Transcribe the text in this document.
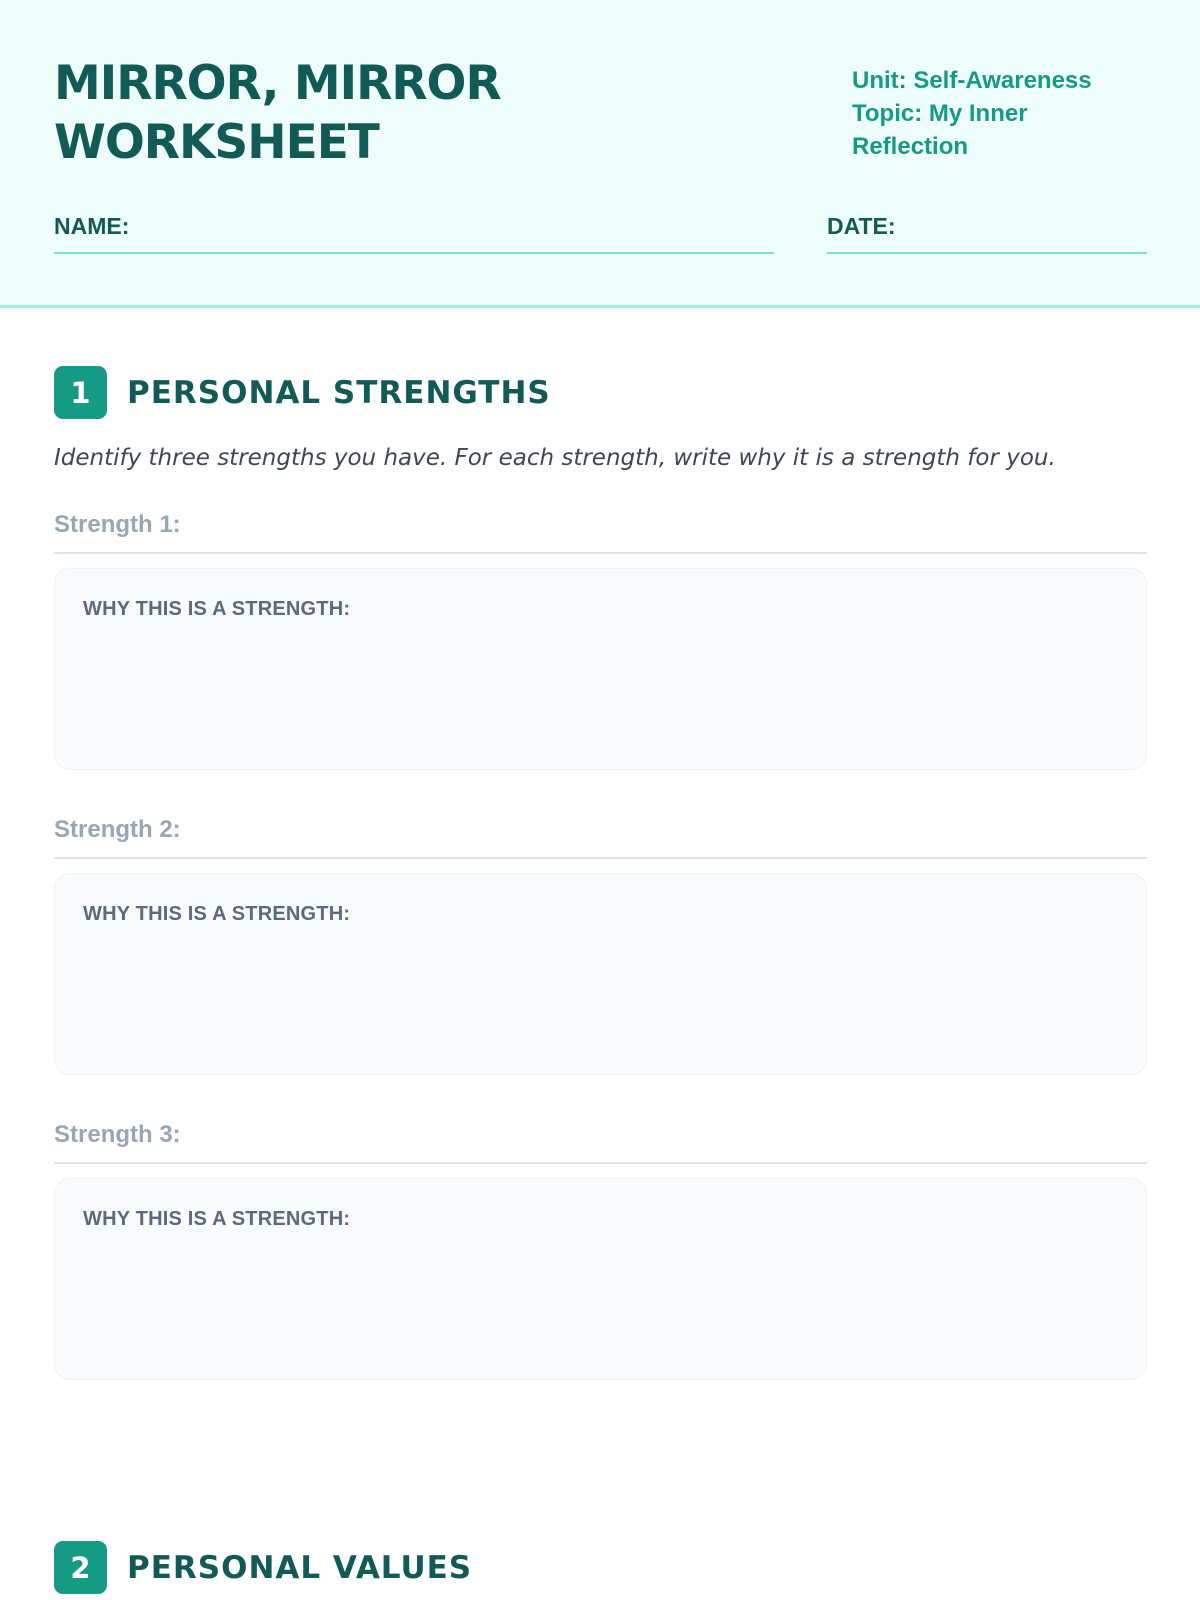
MIRROR, MIRROR
WORKSHEET
Unit: Self-Awareness
Topic: My Inner Reflection
NAME:	DATE:
1	PERSONAL STRENGTHS
Identify three strengths you have. For each strength, write why it is a strength for you.
Strength 1:
WHY THIS IS A STRENGTH:
Strength 2:
WHY THIS IS A STRENGTH:
Strength 3:
WHY THIS IS A STRENGTH:
2	PERSONAL VALUES
